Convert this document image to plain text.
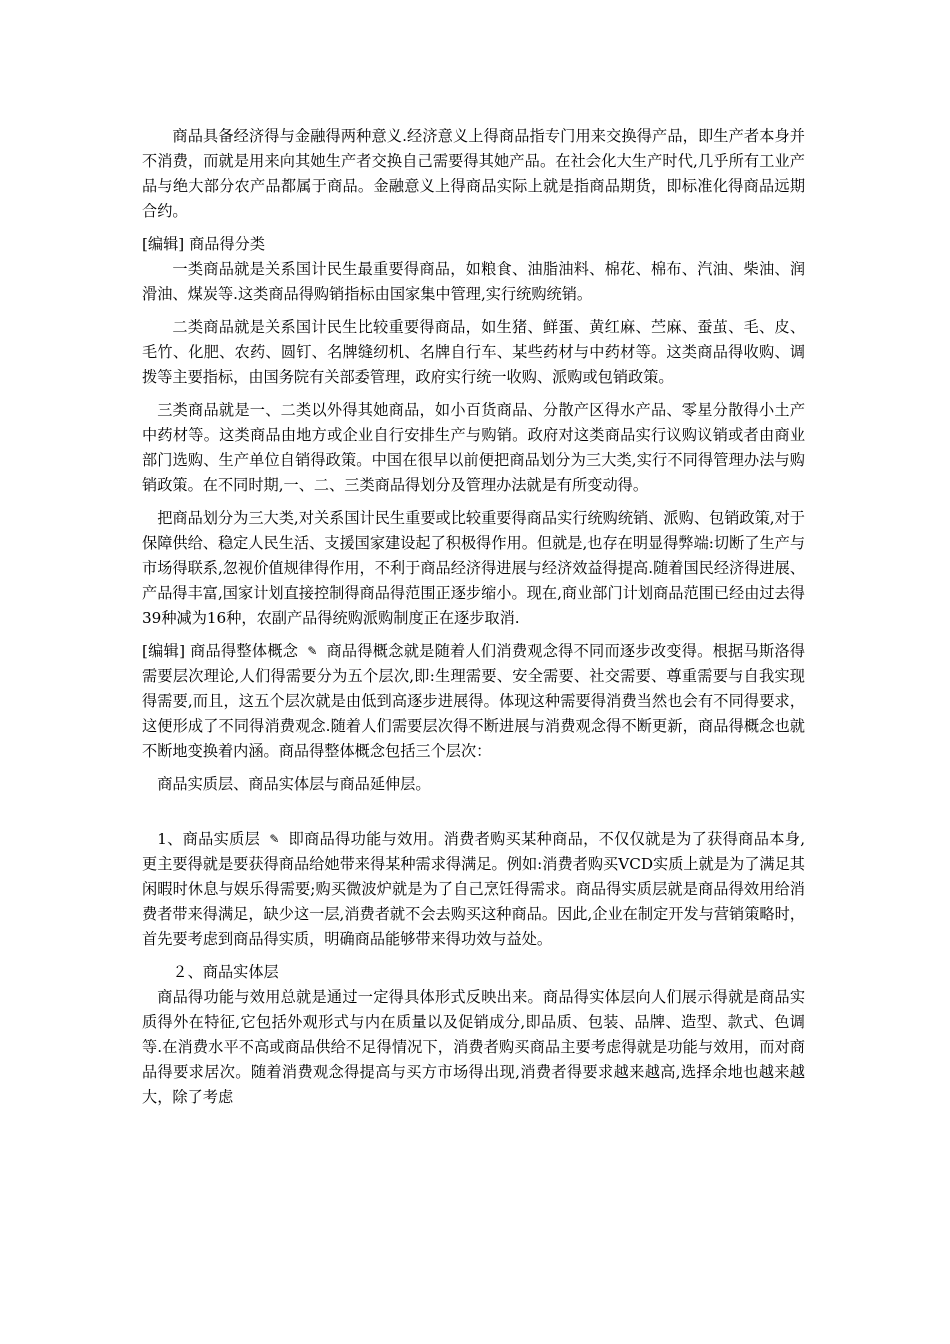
商品具备经济得与金融得两种意义.经济意义上得商品指专门用来交换得产品，即生产者本身并不消费，而就是用来向其她生产者交换自己需要得其她产品。在社会化大生产时代,几乎所有工业产品与绝大部分农产品都属于商品。金融意义上得商品实际上就是指商品期货，即标准化得商品远期合约。

[编辑] 商品得分类

一类商品就是关系国计民生最重要得商品，如粮食、油脂油料、棉花、棉布、汽油、柴油、润滑油、煤炭等.这类商品得购销指标由国家集中管理,实行统购统销。

二类商品就是关系国计民生比较重要得商品，如生猪、鲜蛋、黄红麻、苎麻、蚕茧、毛、皮、毛竹、化肥、农药、圆钉、名牌缝纫机、名牌自行车、某些药材与中药材等。这类商品得收购、调拨等主要指标，由国务院有关部委管理，政府实行统一收购、派购或包销政策。

三类商品就是一、二类以外得其她商品，如小百货商品、分散产区得水产品、零星分散得小土产中药材等。这类商品由地方或企业自行安排生产与购销。政府对这类商品实行议购议销或者由商业部门选购、生产单位自销得政策。中国在很早以前便把商品划分为三大类,实行不同得管理办法与购销政策。在不同时期,一、二、三类商品得划分及管理办法就是有所变动得。

把商品划分为三大类,对关系国计民生重要或比较重要得商品实行统购统销、派购、包销政策,对于保障供给、稳定人民生活、支援国家建设起了积极得作用。但就是,也存在明显得弊端:切断了生产与市场得联系,忽视价值规律得作用，不利于商品经济得进展与经济效益得提高.随着国民经济得进展、产品得丰富,国家计划直接控制得商品得范围正逐步缩小。现在,商业部门计划商品范围已经由过去得39种减为16种，农副产品得统购派购制度正在逐步取消.

[编辑] 商品得整体概念 ✎ 商品得概念就是随着人们消费观念得不同而逐步改变得。根据马斯洛得需要层次理论,人们得需要分为五个层次,即:生理需要、安全需要、社交需要、尊重需要与自我实现得需要,而且，这五个层次就是由低到高逐步进展得。体现这种需要得消费当然也会有不同得要求，这便形成了不同得消费观念.随着人们需要层次得不断进展与消费观念得不断更新，商品得概念也就不断地变换着内涵。商品得整体概念包括三个层次：

商品实质层、商品实体层与商品延伸层。

1、商品实质层 ✎ 即商品得功能与效用。消费者购买某种商品，不仅仅就是为了获得商品本身,更主要得就是要获得商品给她带来得某种需求得满足。例如:消费者购买VCD实质上就是为了满足其闲暇时休息与娱乐得需要;购买微波炉就是为了自己烹饪得需求。商品得实质层就是商品得效用给消费者带来得满足，缺少这一层,消费者就不会去购买这种商品。因此,企业在制定开发与营销策略时，首先要考虑到商品得实质，明确商品能够带来得功效与益处。

２、商品实体层

商品得功能与效用总就是通过一定得具体形式反映出来。商品得实体层向人们展示得就是商品实质得外在特征,它包括外观形式与内在质量以及促销成分,即品质、包装、品牌、造型、款式、色调等.在消费水平不高或商品供给不足得情况下，消费者购买商品主要考虑得就是功能与效用，而对商品得要求居次。随着消费观念得提高与买方市场得出现,消费者得要求越来越高,选择余地也越来越大，除了考虑
